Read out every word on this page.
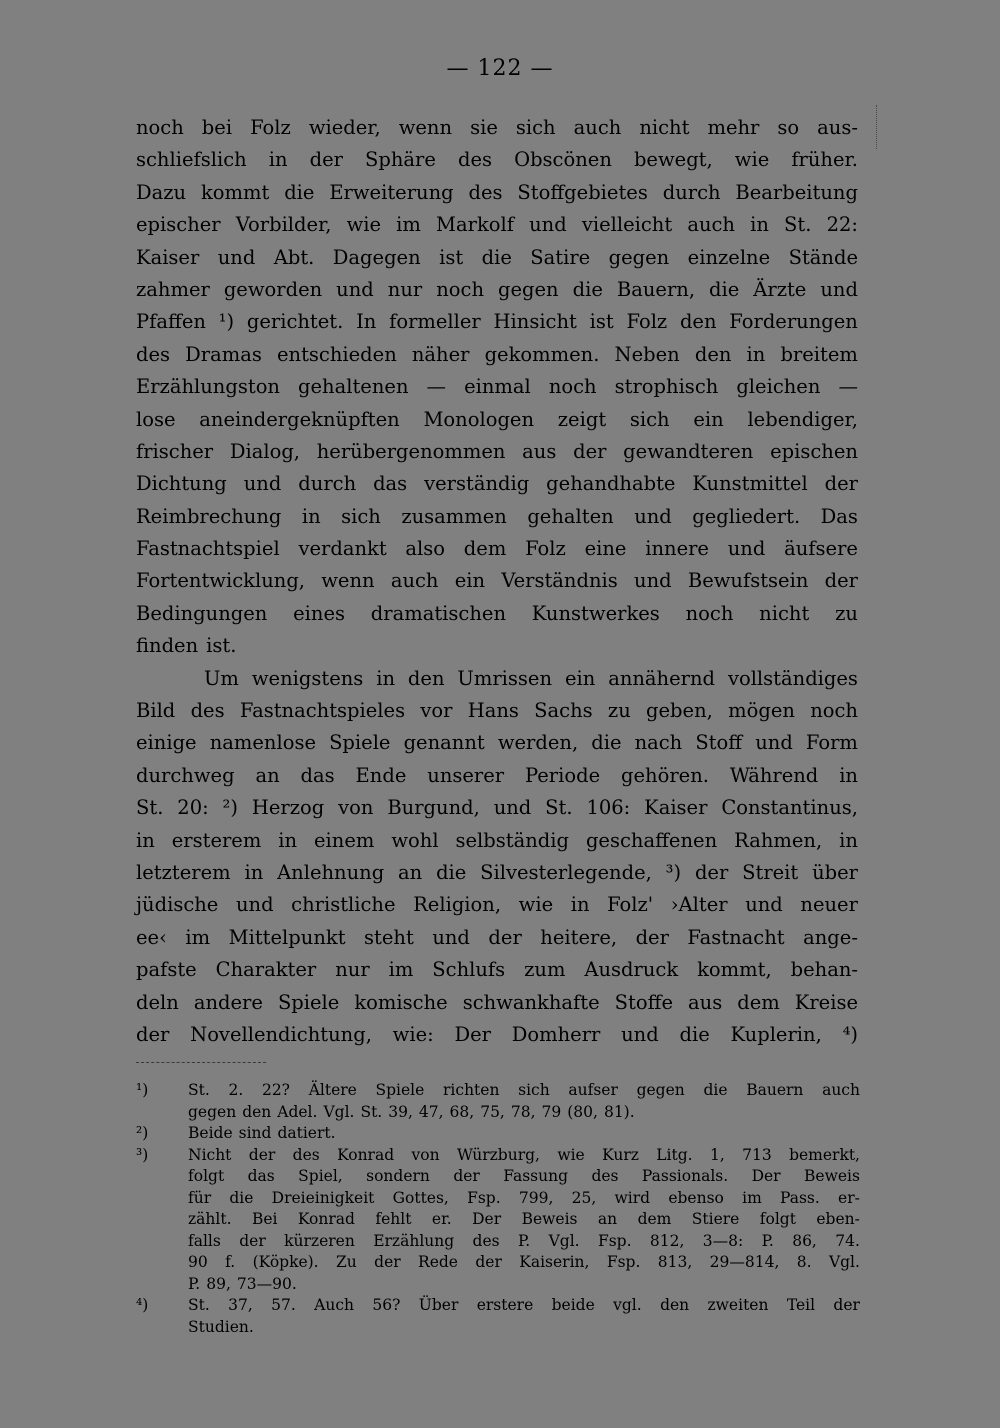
— 122 —
noch bei Folz wieder, wenn sie sich auch nicht mehr so aus-
schliefslich in der Sphäre des Obscönen bewegt, wie früher.
Dazu kommt die Erweiterung des Stoffgebietes durch Bearbeitung
epischer Vorbilder, wie im Markolf und vielleicht auch in St. 22:
Kaiser und Abt. Dagegen ist die Satire gegen einzelne Stände
zahmer geworden und nur noch gegen die Bauern, die Ärzte und
Pfaffen ¹) gerichtet. In formeller Hinsicht ist Folz den Forderungen
des Dramas entschieden näher gekommen. Neben den in breitem
Erzählungston gehaltenen — einmal noch strophisch gleichen —
lose aneindergeknüpften Monologen zeigt sich ein lebendiger,
frischer Dialog, herübergenommen aus der gewandteren epischen
Dichtung und durch das verständig gehandhabte Kunstmittel der
Reimbrechung in sich zusammen gehalten und gegliedert. Das
Fastnachtspiel verdankt also dem Folz eine innere und äufsere
Fortentwicklung, wenn auch ein Verständnis und Bewufstsein der
Bedingungen eines dramatischen Kunstwerkes noch nicht zu
finden ist.
Um wenigstens in den Umrissen ein annähernd vollständiges
Bild des Fastnachtspieles vor Hans Sachs zu geben, mögen noch
einige namenlose Spiele genannt werden, die nach Stoff und Form
durchweg an das Ende unserer Periode gehören. Während in
St. 20: ²) Herzog von Burgund, und St. 106: Kaiser Constantinus,
in ersterem in einem wohl selbständig geschaffenen Rahmen, in
letzterem in Anlehnung an die Silvesterlegende, ³) der Streit über
jüdische und christliche Religion, wie in Folz' ›Alter und neuer
ee‹ im Mittelpunkt steht und der heitere, der Fastnacht ange-
pafste Charakter nur im Schlufs zum Ausdruck kommt, behan-
deln andere Spiele komische schwankhafte Stoffe aus dem Kreise
der Novellendichtung, wie: Der Domherr und die Kuplerin, ⁴)
¹)	St. 2. 22? Ältere Spiele richten sich aufser gegen die Bauern auch
gegen den Adel. Vgl. St. 39, 47, 68, 75, 78, 79 (80, 81).
²)	Beide sind datiert.
³)	Nicht der des Konrad von Würzburg, wie Kurz Litg. 1, 713 bemerkt,
folgt das Spiel, sondern der Fassung des Passionals. Der Beweis
für die Dreieinigkeit Gottes, Fsp. 799, 25, wird ebenso im Pass. er-
zählt. Bei Konrad fehlt er. Der Beweis an dem Stiere folgt eben-
falls der kürzeren Erzählung des P. Vgl. Fsp. 812, 3—8: P. 86, 74.
90 f. (Köpke). Zu der Rede der Kaiserin, Fsp. 813, 29—814, 8. Vgl.
P. 89, 73—90.
⁴)	St. 37, 57. Auch 56? Über erstere beide vgl. den zweiten Teil der
Studien.
